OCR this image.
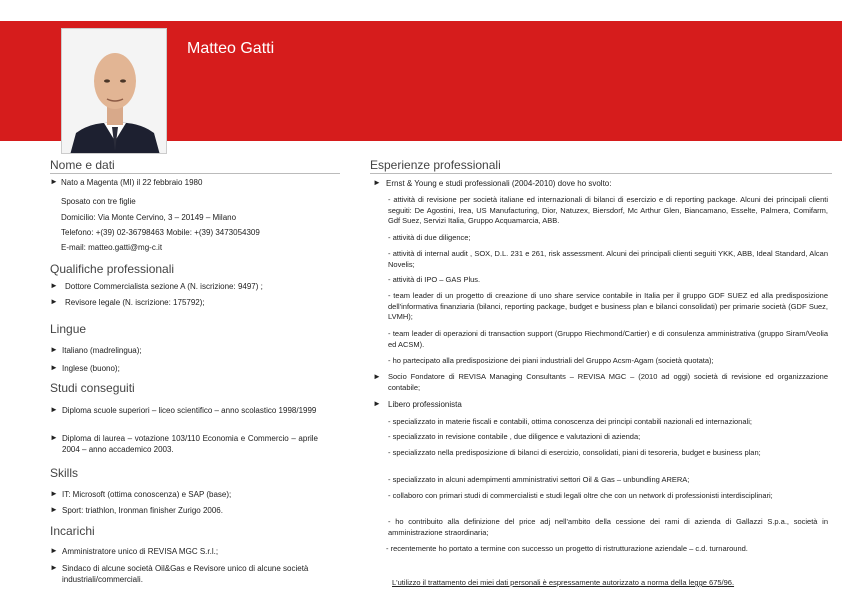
Matteo Gatti
Nome e dati
► Nato a Magenta (MI) il 22 febbraio 1980
Sposato con tre figlie
Domicilio: Via Monte Cervino, 3 – 20149 – Milano
Telefono: +(39) 02-36798463 Mobile: +(39) 3473054309
E-mail: matteo.gatti@mg-c.it
Qualifiche professionali
► Dottore Commercialista sezione A (N. iscrizione: 9497) ;
► Revisore legale (N. iscrizione: 175792);
Lingue
► Italiano (madrelingua);
► Inglese (buono);
Studi conseguiti
► Diploma scuole superiori – liceo scientifico – anno scolastico 1998/1999
► Diploma di laurea – votazione 103/110 Economia e Commercio – aprile 2004 – anno accademico 2003.
Skills
► IT: Microsoft (ottima conoscenza) e SAP (base);
► Sport: triathlon, Ironman finisher Zurigo 2006.
Incarichi
► Amministratore unico di REVISA MGC S.r.l.;
► Sindaco di alcune società Oil&Gas e Revisore unico di alcune società industriali/commerciali.
Esperienze professionali
► Ernst & Young e studi professionali (2004-2010) dove ho svolto:
- attività di revisione per società italiane ed internazionali di bilanci di esercizio e di reporting package. Alcuni dei principali clienti seguiti: De Agostini, Irea, US Manufacturing, Dior, Natuzex, Biersdorf, Mc Arthur Glen, Biancamano, Esselte, Palmera, Comifarm, Gdf Suez, Servizi Italia, Gruppo Acquamarcia, ABB.
- attività di due diligence;
- attività di internal audit , SOX, D.L. 231 e 261, risk assessment. Alcuni dei principali clienti seguiti YKK, ABB, Ideal Standard, Alcan Novelis;
- attività di IPO – GAS Plus.
- team leader di un progetto di creazione di uno share service contabile in Italia per il gruppo GDF SUEZ ed alla predisposizione dell'informativa finanziaria (bilanci, reporting package, budget e business plan e bilanci consolidati) per primarie società (GDF Suez, LVMH);
- team leader di operazioni di transaction support (Gruppo Riechmond/Cartier) e di consulenza amministrativa (gruppo Siram/Veolia ed ACSM).
- ho partecipato alla predisposizione dei piani industriali del Gruppo Acsm-Agam (società quotata);
► Socio Fondatore di REVISA Managing Consultants – REVISA MGC – (2010 ad oggi) società di revisione ed organizzazione contabile;
► Libero professionista
- specializzato in materie fiscali e contabili, ottima conoscenza dei principi contabili nazionali ed internazionali;
- specializzato in revisione contabile , due diligence e valutazioni di azienda;
- specializzato nella predisposizione di bilanci di esercizio, consolidati, piani di tesoreria, budget e business plan;
- specializzato in alcuni adempimenti amministrativi settori Oil & Gas – unbundling ARERA;
- collaboro con primari studi di commercialisti e studi legali oltre che con un network di professionisti interdisciplinari;
- ho contribuito alla definizione del price adj nell'ambito della cessione dei rami di azienda di Gallazzi S.p.a., società in amministrazione straordinaria;
- recentemente ho portato a termine con successo un progetto di ristrutturazione aziendale – c.d. turnaround.
L'utilizzo il trattamento dei miei dati personali è espressamente autorizzato a norma della legge 675/96.
